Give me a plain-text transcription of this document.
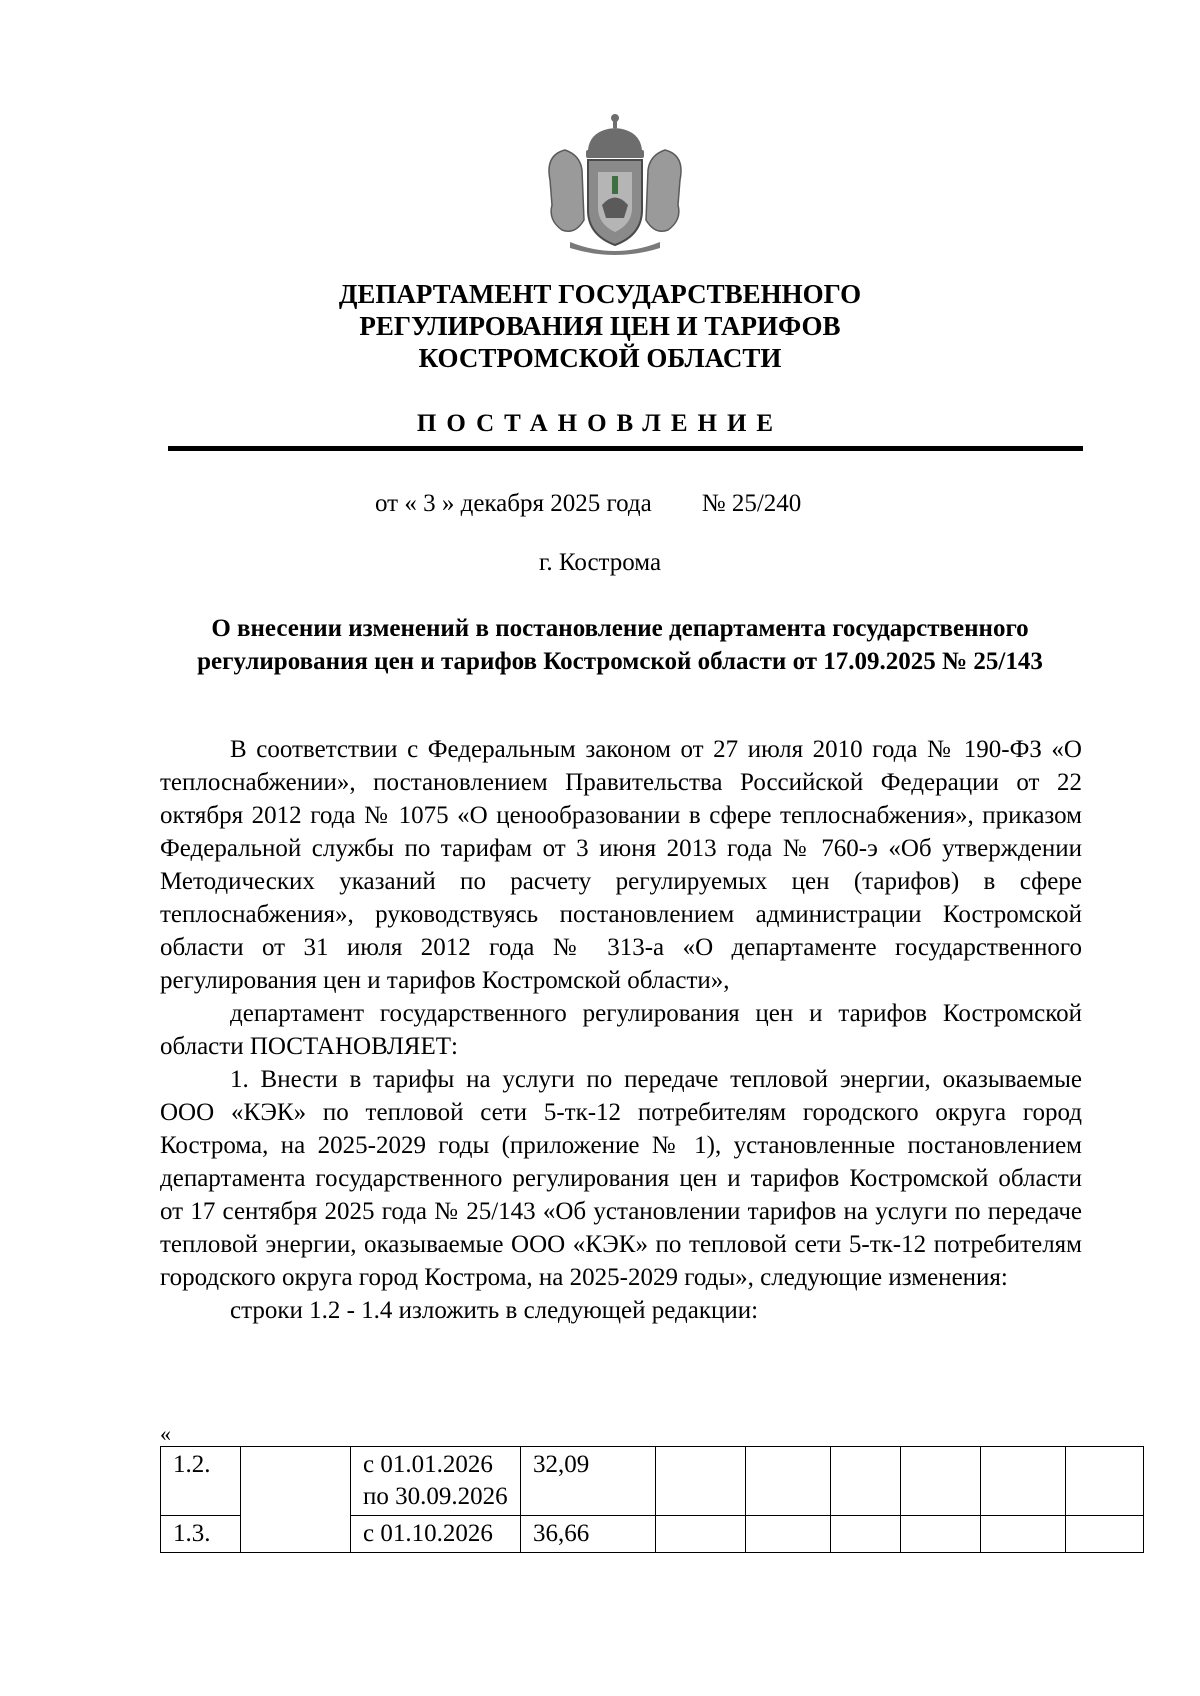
ДЕПАРТАМЕНТ ГОСУДАРСТВЕННОГО
РЕГУЛИРОВАНИЯ ЦЕН И ТАРИФОВ
КОСТРОМСКОЙ ОБЛАСТИ
ПОСТАНОВЛЕНИЕ
от « 3 » декабря 2025 года № 25/240
г. Кострома
О внесении изменений в постановление департамента государственного
регулирования цен и тарифов Костромской области от 17.09.2025 № 25/143

В соответствии с Федеральным законом от 27 июля 2010 года № 190-ФЗ «О теплоснабжении», постановлением Правительства Российской Федерации от 22 октября 2012 года № 1075 «О ценообразовании в сфере теплоснабжения», приказом Федеральной службы по тарифам от 3 июня 2013 года № 760-э «Об утверждении Методических указаний по расчету регулируемых цен (тарифов) в сфере теплоснабжения», руководствуясь постановлением администрации Костромской области от 31 июля 2012 года № 313-а «О департаменте государственного регулирования цен и тарифов Костромской области»,

департамент государственного регулирования цен и тарифов Костромской области ПОСТАНОВЛЯЕТ:

1. Внести в тарифы на услуги по передаче тепловой энергии, оказываемые ООО «КЭК» по тепловой сети 5-тк-12 потребителям городского округа город Кострома, на 2025-2029 годы (приложение № 1), установленные постановлением департамента государственного регулирования цен и тарифов Костромской области от 17 сентября 2025 года № 25/143 «Об установлении тарифов на услуги по передаче тепловой энергии, оказываемые ООО «КЭК» по тепловой сети 5-тк-12 потребителям городского округа город Кострома, на 2025-2029 годы», следующие изменения:

строки 1.2 - 1.4 изложить в следующей редакции:

«
1.2.		с 01.01.2026
по 30.09.2026	32,09						
1.3.		с 01.10.2026	36,66						
